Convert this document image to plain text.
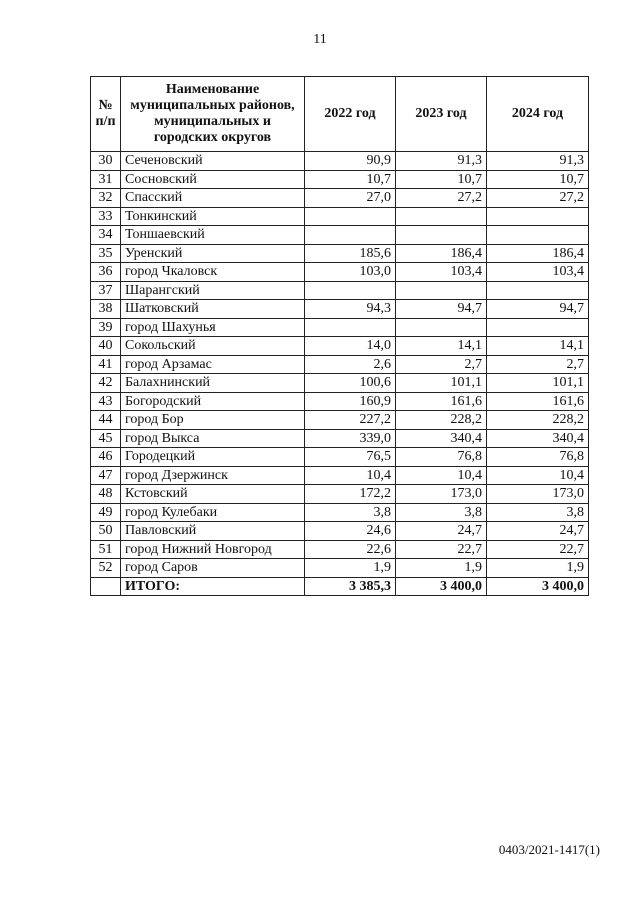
11
№ п/п	Наименование муниципальных районов, муниципальных и городских округов	2022 год	2023 год	2024 год
30	Сеченовский	90,9	91,3	91,3
31	Сосновский	10,7	10,7	10,7
32	Спасский	27,0	27,2	27,2
33	Тонкинский			
34	Тоншаевский			
35	Уренский	185,6	186,4	186,4
36	город Чкаловск	103,0	103,4	103,4
37	Шарангский			
38	Шатковский	94,3	94,7	94,7
39	город Шахунья			
40	Сокольский	14,0	14,1	14,1
41	город Арзамас	2,6	2,7	2,7
42	Балахнинский	100,6	101,1	101,1
43	Богородский	160,9	161,6	161,6
44	город Бор	227,2	228,2	228,2
45	город Выкса	339,0	340,4	340,4
46	Городецкий	76,5	76,8	76,8
47	город Дзержинск	10,4	10,4	10,4
48	Кстовский	172,2	173,0	173,0
49	город Кулебаки	3,8	3,8	3,8
50	Павловский	24,6	24,7	24,7
51	город Нижний Новгород	22,6	22,7	22,7
52	город Саров	1,9	1,9	1,9
	ИТОГО:	3 385,3	3 400,0	3 400,0
0403/2021-1417(1)
